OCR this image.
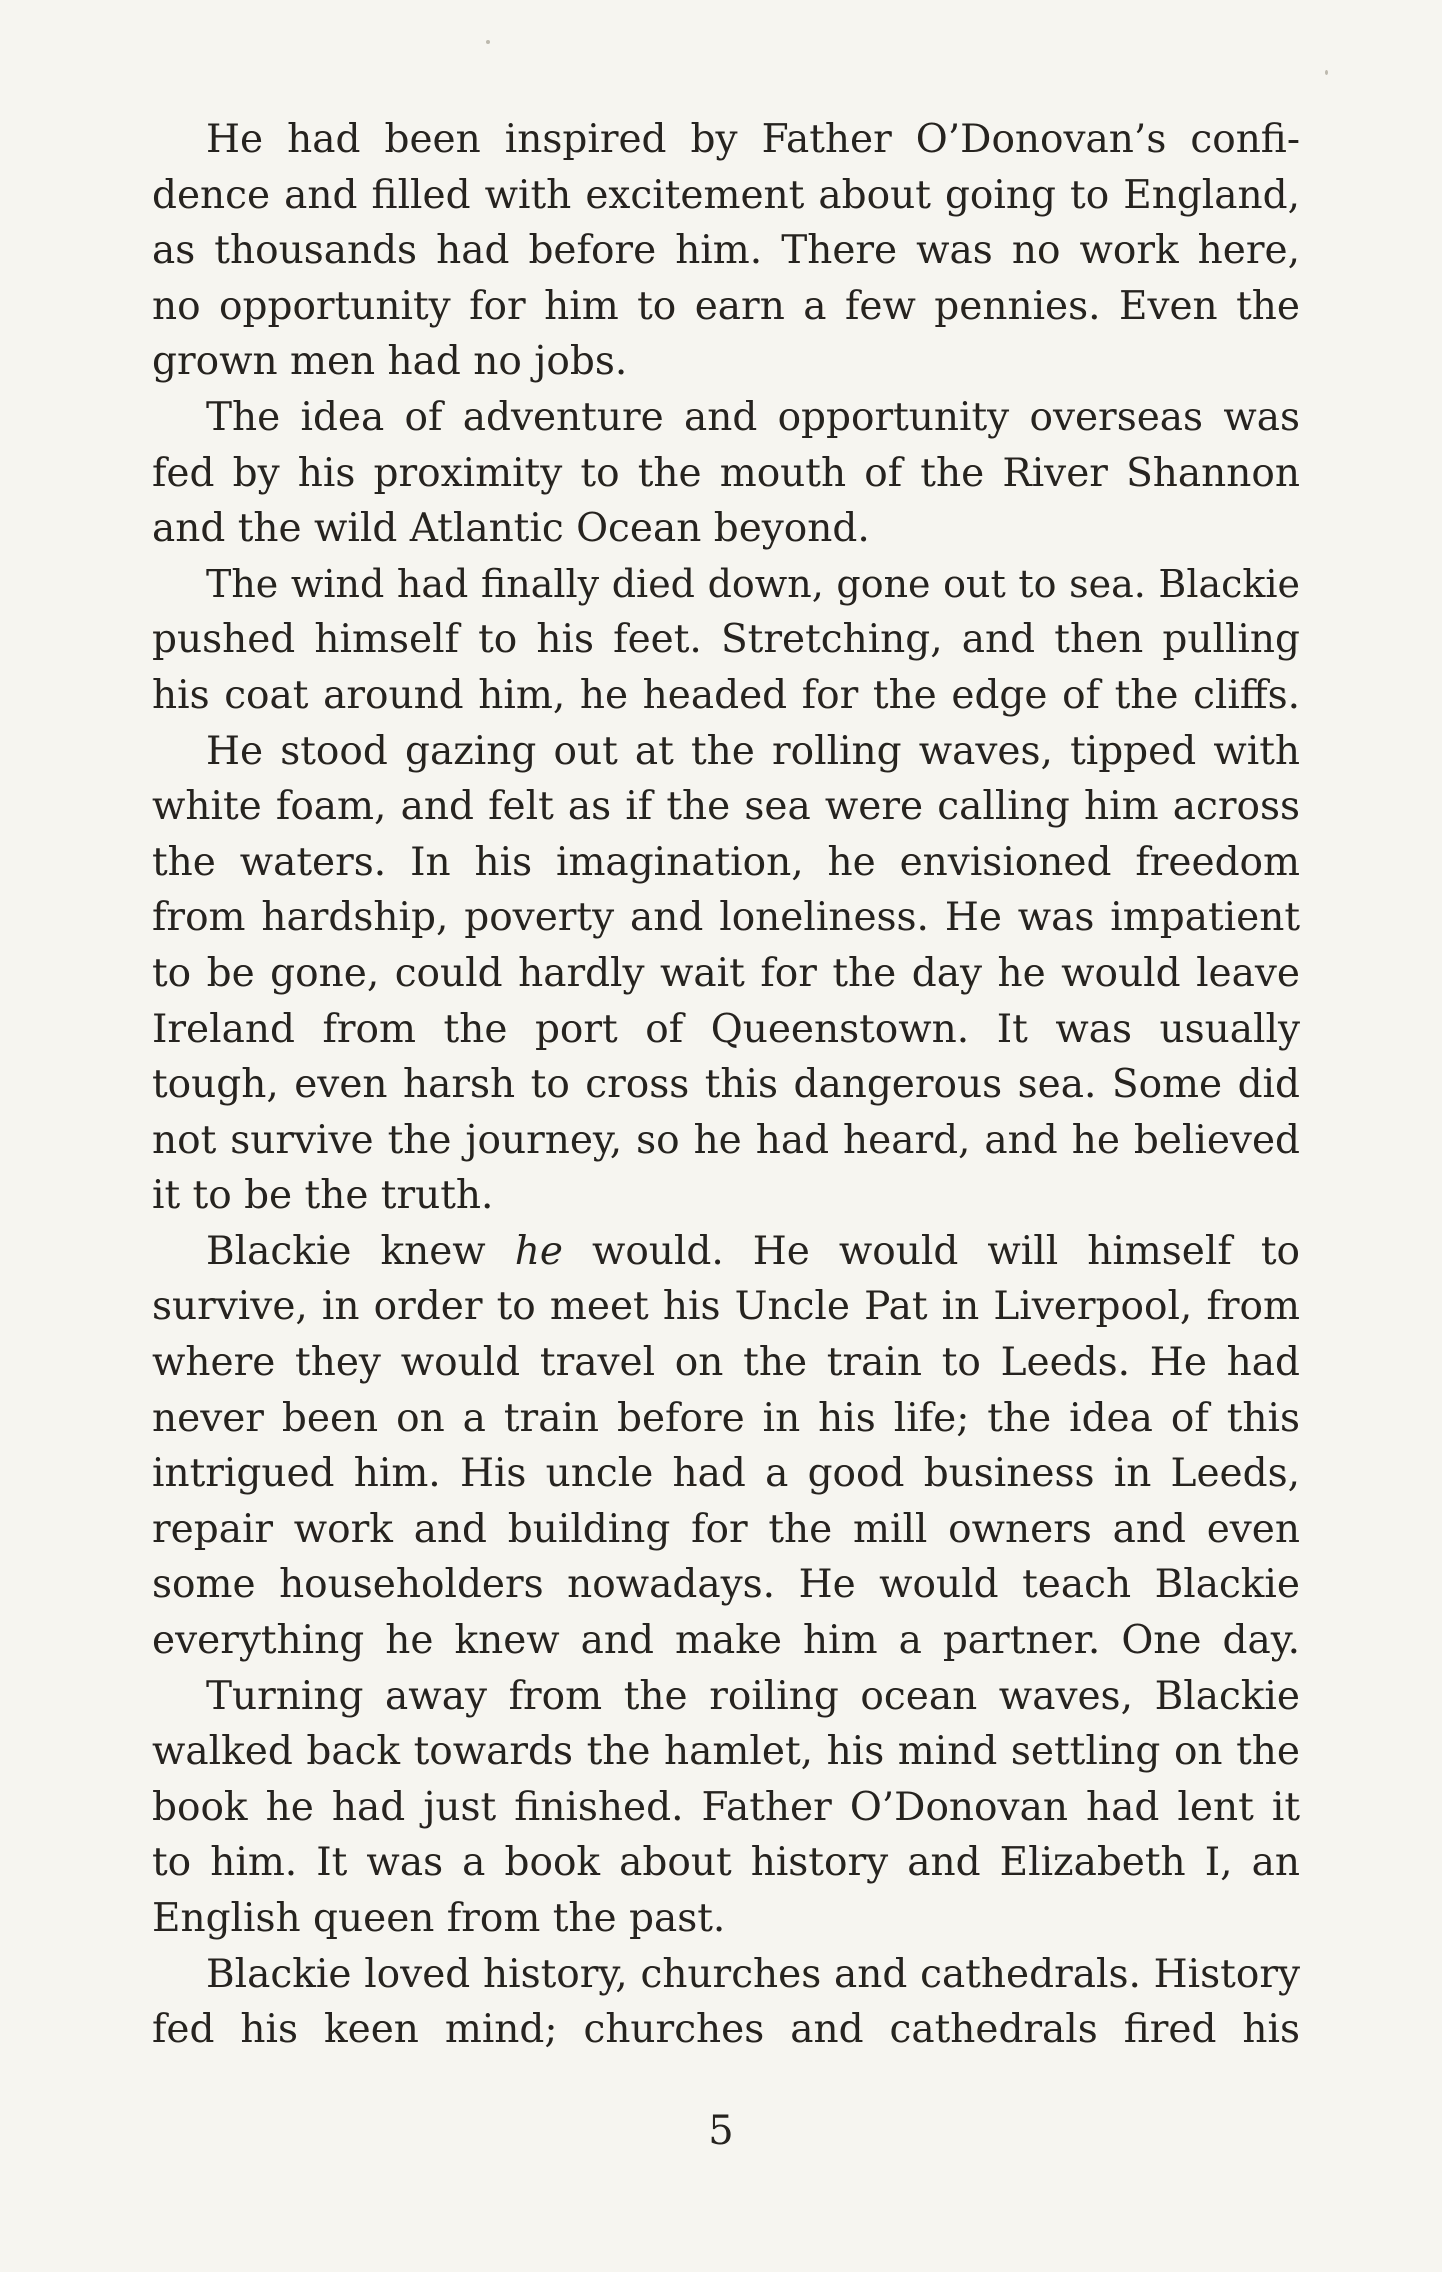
He had been inspired by Father O’Donovan’s confi-
dence and filled with excitement about going to England,
as thousands had before him. There was no work here,
no opportunity for him to earn a few pennies. Even the
grown men had no jobs.

The idea of adventure and opportunity overseas was
fed by his proximity to the mouth of the River Shannon
and the wild Atlantic Ocean beyond.

The wind had finally died down, gone out to sea. Blackie
pushed himself to his feet. Stretching, and then pulling
his coat around him, he headed for the edge of the cliffs.

He stood gazing out at the rolling waves, tipped with
white foam, and felt as if the sea were calling him across
the waters. In his imagination, he envisioned freedom
from hardship, poverty and loneliness. He was impatient
to be gone, could hardly wait for the day he would leave
Ireland from the port of Queenstown. It was usually
tough, even harsh to cross this dangerous sea. Some did
not survive the journey, so he had heard, and he believed
it to be the truth.

Blackie knew he would. He would will himself to
survive, in order to meet his Uncle Pat in Liverpool, from
where they would travel on the train to Leeds. He had
never been on a train before in his life; the idea of this
intrigued him. His uncle had a good business in Leeds,
repair work and building for the mill owners and even
some householders nowadays. He would teach Blackie
everything he knew and make him a partner. One day.

Turning away from the roiling ocean waves, Blackie
walked back towards the hamlet, his mind settling on the
book he had just finished. Father O’Donovan had lent it
to him. It was a book about history and Elizabeth I, an
English queen from the past.

Blackie loved history, churches and cathedrals. History
fed his keen mind; churches and cathedrals fired his

5
